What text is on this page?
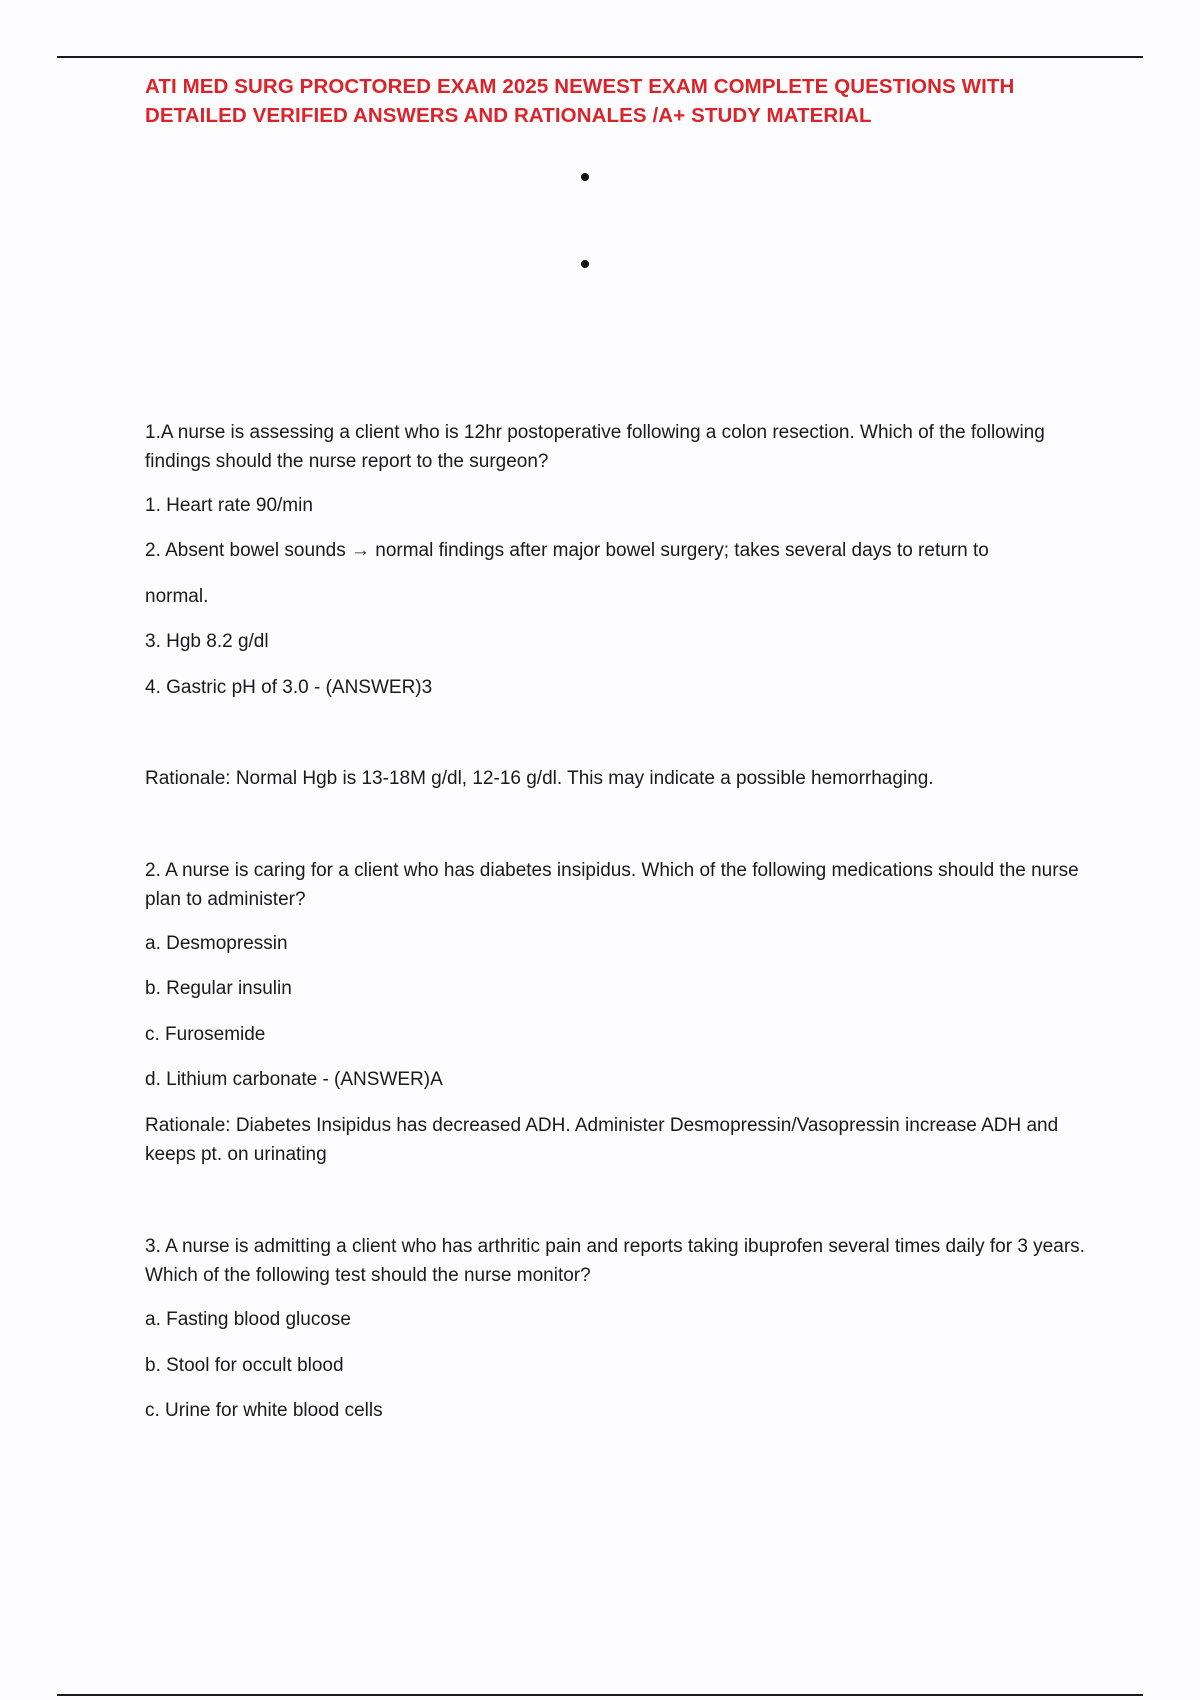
ATI MED SURG PROCTORED EXAM 2025 NEWEST EXAM COMPLETE QUESTIONS WITH DETAILED VERIFIED ANSWERS AND RATIONALES /A+ STUDY MATERIAL
1.A nurse is assessing a client who is 12hr postoperative following a colon resection. Which of the following findings should the nurse report to the surgeon?
1. Heart rate 90/min
2. Absent bowel sounds → normal findings after major bowel surgery; takes several days to return to
normal.
3. Hgb 8.2 g/dl
4. Gastric pH of 3.0 - (ANSWER)3
Rationale: Normal Hgb is 13-18M g/dl, 12-16 g/dl. This may indicate a possible hemorrhaging.
2. A nurse is caring for a client who has diabetes insipidus. Which of the following medications should the nurse plan to administer?
a. Desmopressin
b. Regular insulin
c. Furosemide
d. Lithium carbonate - (ANSWER)A
Rationale: Diabetes Insipidus has decreased ADH. Administer Desmopressin/Vasopressin increase ADH and keeps pt. on urinating
3. A nurse is admitting a client who has arthritic pain and reports taking ibuprofen several times daily for 3 years. Which of the following test should the nurse monitor?
a. Fasting blood glucose
b. Stool for occult blood
c. Urine for white blood cells
